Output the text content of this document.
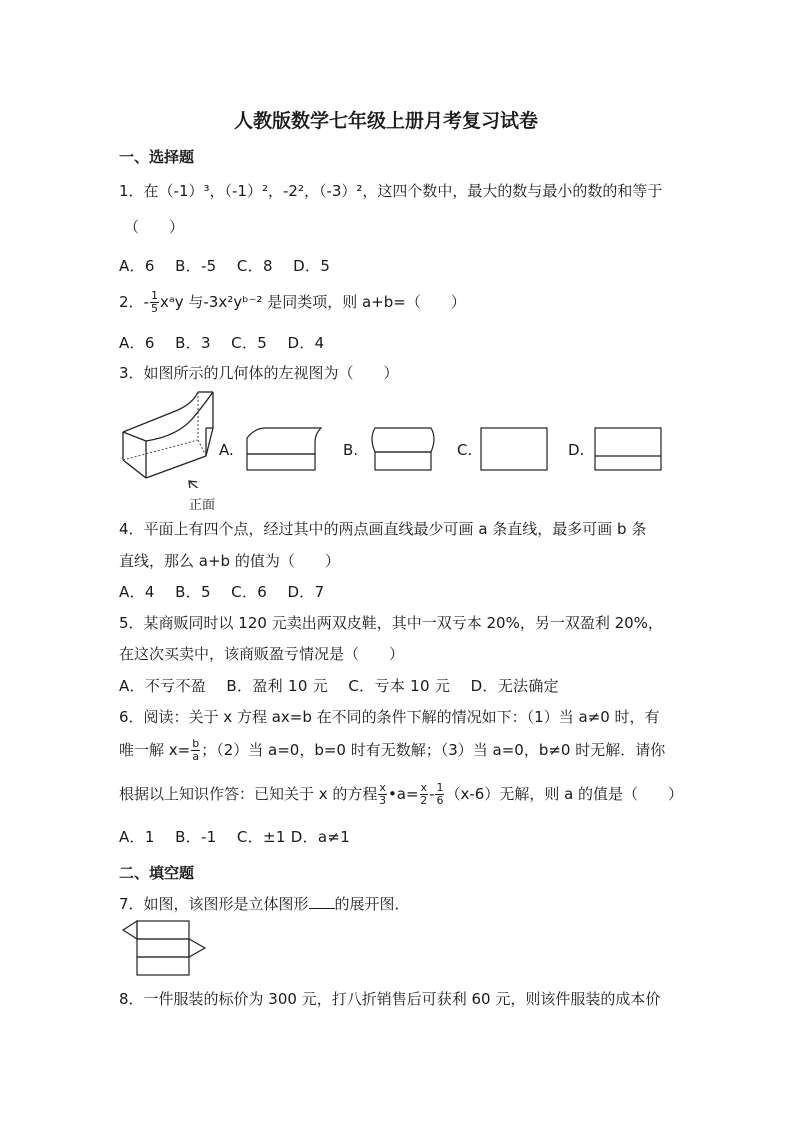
人教版数学七年级上册月考复习试卷
一、选择题
1．在（-1）³，（-1）²，-2²，（-3）²，这四个数中，最大的数与最小的数的和等于
（　　）
A．6　 B．-5　 C．8　 D．5
2．- $\frac{1}{5}$ xᵃy 与-3x²yᵇ⁻² 是同类项，则 a+b=（　　）
A．6　 B．3　 C．5　 D．4
3．如图所示的几何体的左视图为（　　）
正面
A.	B.	C.	D.
4．平面上有四个点，经过其中的两点画直线最少可画 a 条直线，最多可画 b 条
直线，那么 a+b 的值为（　　）
A．4　 B．5　 C．6　 D．7
5．某商贩同时以 120 元卖出两双皮鞋，其中一双亏本 20%，另一双盈利 20%，
在这次买卖中，该商贩盈亏情况是（　　）
A．不亏不盈　 B．盈利 10 元　 C．亏本 10 元　 D．无法确定
6．阅读：关于 x 方程 ax=b 在不同的条件下解的情况如下：（1）当 a≠0 时，有
唯一解 $x= \frac{b}{a}$ ；（2）当 a=0，b=0 时有无数解；（3）当 a=0，b≠0 时无解．请你
根据以上知识作答：已知关于 x 的方程 $\frac{x}{3}$ •a= $\frac{x}{2} - \frac{1}{6} (x-6)$无解，则 a 的值是（　　）
A．1　 B．-1　 C．±1 D．a≠1
二、填空题
7．如图，该图形是立体图形 的展开图．
8．一件服装的标价为 300 元，打八折销售后可获利 60 元，则该件服装的成本价
